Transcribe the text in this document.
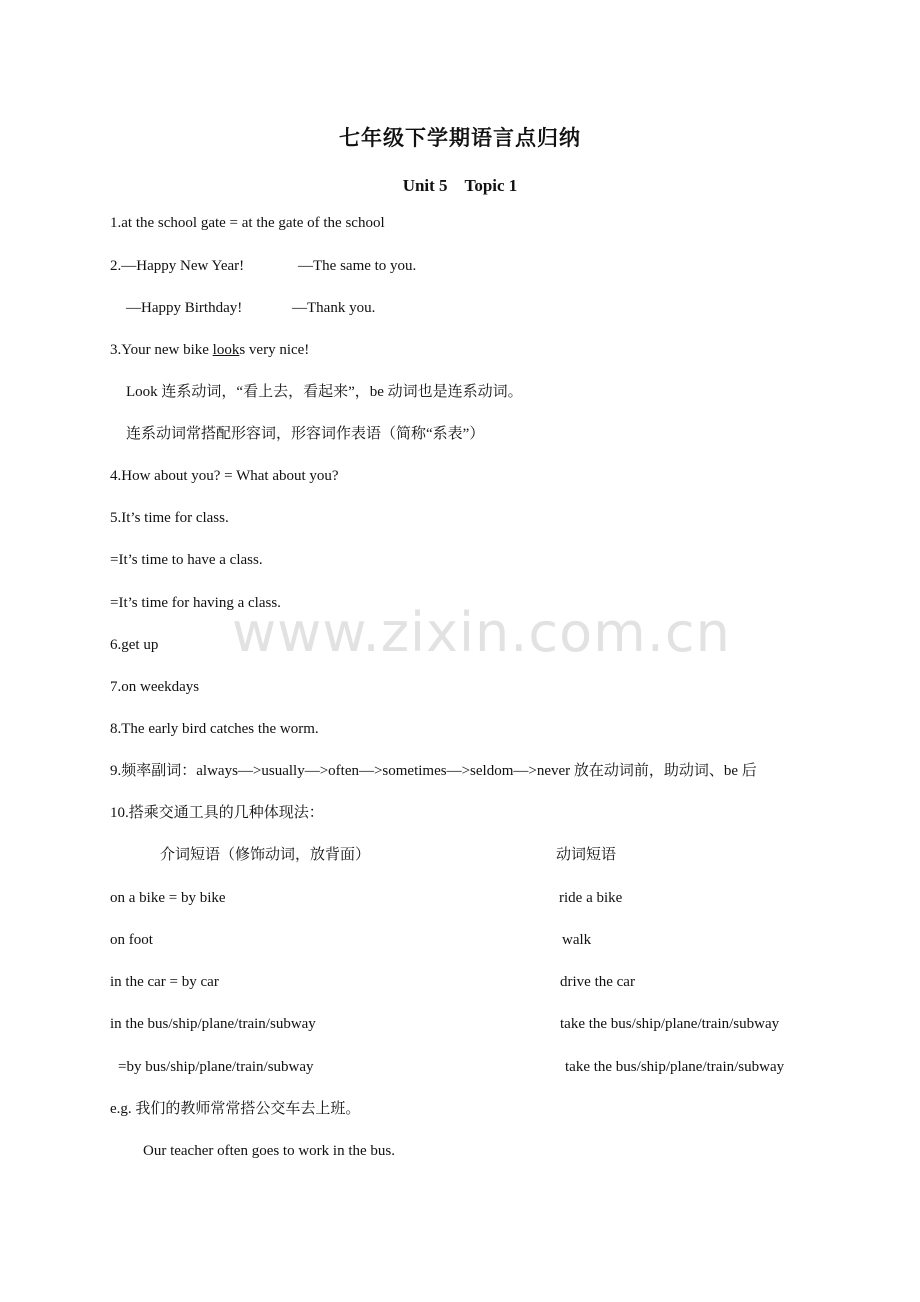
七年级下学期语言点归纳
Unit 5　Topic 1
1.at the school gate = at the gate of the school
2.—Happy New Year!	—The same to you.
—Happy Birthday!	—Thank you.
3.Your new bike looks very nice!
Look 连系动词，“看上去，看起来”，be 动词也是连系动词。
连系动词常搭配形容词，形容词作表语（简称“系表”）
4.How about you? = What about you?
5.It’s time for class.
=It’s time to have a class.
=It’s time for having a class.
6.get up
7.on weekdays
8.The early bird catches the worm.
9.频率副词：always—>usually—>often—>sometimes—>seldom—>never 放在动词前，助动词、be 后
10.搭乘交通工具的几种体现法：
介词短语（修饰动词，放背面）	动词短语
on a bike = by bike	ride a bike
on foot	walk
in the car = by car	drive the car
in the bus/ship/plane/train/subway	take the bus/ship/plane/train/subway
=by bus/ship/plane/train/subway	take the bus/ship/plane/train/subway
e.g. 我们的教师常常搭公交车去上班。
Our teacher often goes to work in the bus.
www.zixin.com.cn
